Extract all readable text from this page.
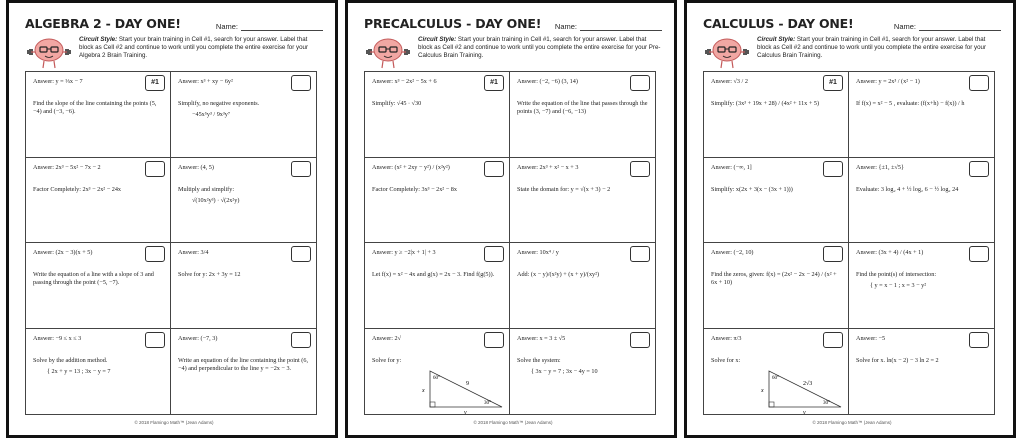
ALGEBRA 2 - DAY ONE!	Name:
Circuit Style: Start your brain training in Cell #1, search for your answer. Label that block as Cell #2 and continue to work until you complete the entire exercise for your Algebra 2 Brain Training.
Answer: y = ⅓x − 7	#1
Find the slope of the line containing the points (5, −4) and (−3, −6).
Answer: x³ + xy − 6y²
Simplify, no negative exponents.
−45x⁵y³ / 9x³y⁷
Answer: 2x³ − 5x² − 7x − 2
Factor Completely: 2x³ − 2x² − 24x
Answer: (4, 5)
Multiply and simplify:
√(10x²y³) · √(2x²y)
Answer: (2x − 3)(x + 5)
Write the equation of a line with a slope of 3 and passing through the point (−5, −7).
Answer: 3/4
Solve for y: 2x + 3y = 12
Answer: −9 ≤ x ≤ 3
Solve by the addition method.
{ 2x + y = 13 ; 3x − y = 7
Answer: (−7, 3)
Write an equation of the line containing the point (6, −4) and perpendicular to the line y = −2x − 3.
© 2018 Flamingo Math™ (Jean Adams)
PRECALCULUS - DAY ONE! Name:
Circuit Style: Start your brain training in Cell #1, search for your answer. Label that block as Cell #2 and continue to work until you complete the entire exercise for your Pre-Calculus Brain Training.
Answer: x³ − 2x² − 5x + 6	#1
Simplify: √45 · √30
Answer: (−2, −6) (3, 14)
Write the equation of the line that passes through the points (3, −7) and (−6, −13)
Answer: (x² + 2xy − y²) / (x²y²)
Factor Completely: 3x³ − 2x² − 8x
Answer: 2x³ + x² − x + 3
State the domain for: y = √(x + 3) − 2
Answer: y ≥ −2|x + 1| + 3
Let f(x) = x² − 4x and g(x) = 2x − 3. Find f(g(5)).
Answer: 10x⁴ / y
Add: (x − y)/(x²y) + (x + y)/(xy²)
Answer: 2√
Solve for y:
60°
30°
9
x
y
Answer: x = 3 ± √5
Solve the system:
{ 3x − y = 7 ; 3x − 4y = 10
© 2018 Flamingo Math™ (Jean Adams)
CALCULUS - DAY ONE!	Name:
Circuit Style: Start your brain training in Cell #1, search for your answer. Label that block as Cell #2 and continue to work until you complete the entire exercise for your Calculus Brain Training.
Answer: √3 / 2	#1
Simplify: (3x³ + 19x + 28) / (4x² + 11x + 5)
Answer: y = 2x³ / (x² − 1)
If f(x) = x² − 5 , evaluate: (f(x+h) − f(x)) / h
Answer: (−∞, 1]
Simplify: x(2x + 3(x − (3x + 1)))
Answer: {±1, ±√5}
Evaluate: 3 log₂ 4 + ½ log₂ 6 − ½ log₂ 24
Answer: (−2, 10)
Find the zeros, given: f(x) = (2x² − 2x − 24) / (x² + 6x + 10)
Answer: (3x + 4) / (4x + 1)
Find the point(s) of intersection:
{ y = x − 1 ; x = 3 − y²
Answer: π/3
Solve for x:
60°
30°
2√3
x
y
Answer: −5
Solve for x. ln(x − 2) − 3 ln 2 = 2
© 2018 Flamingo Math™ (Jean Adams)
